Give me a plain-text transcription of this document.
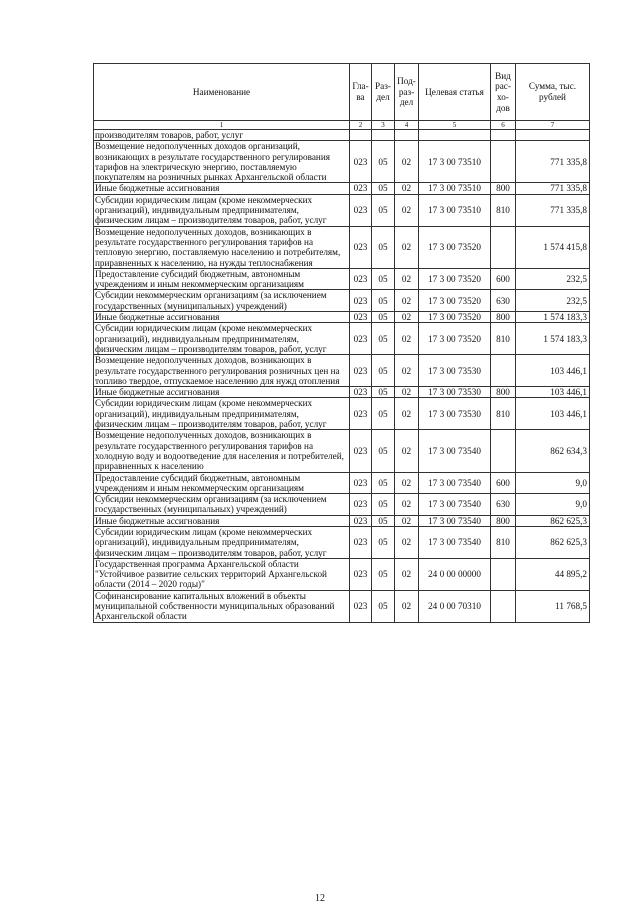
Наименование	Гла-ва	Раз-дел	Под-раз-дел	Целевая статья	Вид рас-хо-дов	Сумма, тыс. рублей
1	2	3	4	5	6	7
производителям товаров, работ, услуг						
Возмещение недополученных доходов организаций, возникающих в результате государственного регулирования тарифов на электрическую энергию, поставляемую покупателям на розничных рынках Архангельской области	023	05	02	17 3 00 73510		771 335,8
Иные бюджетные ассигнования	023	05	02	17 3 00 73510	800	771 335,8
Субсидии юридическим лицам (кроме некоммерческих организаций), индивидуальным предпринимателям, физическим лицам – производителям товаров, работ, услуг	023	05	02	17 3 00 73510	810	771 335,8
Возмещение недополученных доходов, возникающих в результате государственного регулирования тарифов на тепловую энергию, поставляемую населению и потребителям, приравненных к населению, на нужды теплоснабжения	023	05	02	17 3 00 73520		1 574 415,8
Предоставление субсидий бюджетным, автономным учреждениям и иным некоммерческим организациям	023	05	02	17 3 00 73520	600	232,5
Субсидии некоммерческим организациям (за исключением государственных (муниципальных) учреждений)	023	05	02	17 3 00 73520	630	232,5
Иные бюджетные ассигнования	023	05	02	17 3 00 73520	800	1 574 183,3
Субсидии юридическим лицам (кроме некоммерческих организаций), индивидуальным предпринимателям, физическим лицам – производителям товаров, работ, услуг	023	05	02	17 3 00 73520	810	1 574 183,3
Возмещение недополученных доходов, возникающих в результате государственного регулирования розничных цен на топливо твердое, отпускаемое населению для нужд отопления	023	05	02	17 3 00 73530		103 446,1
Иные бюджетные ассигнования	023	05	02	17 3 00 73530	800	103 446,1
Субсидии юридическим лицам (кроме некоммерческих организаций), индивидуальным предпринимателям, физическим лицам – производителям товаров, работ, услуг	023	05	02	17 3 00 73530	810	103 446,1
Возмещение недополученных доходов, возникающих в результате государственного регулирования тарифов на холодную воду и водоотведение для населения и потребителей, приравненных к населению	023	05	02	17 3 00 73540		862 634,3
Предоставление субсидий бюджетным, автономным учреждениям и иным некоммерческим организациям	023	05	02	17 3 00 73540	600	9,0
Субсидии некоммерческим организациям (за исключением государственных (муниципальных) учреждений)	023	05	02	17 3 00 73540	630	9,0
Иные бюджетные ассигнования	023	05	02	17 3 00 73540	800	862 625,3
Субсидии юридическим лицам (кроме некоммерческих организаций), индивидуальным предпринимателям, физическим лицам – производителям товаров, работ, услуг	023	05	02	17 3 00 73540	810	862 625,3
Государственная программа Архангельской области "Устойчивое развитие сельских территорий Архангельской области (2014 – 2020 годы)"	023	05	02	24 0 00 00000		44 895,2
Софинансирование капитальных вложений в объекты муниципальной собственности муниципальных образований Архангельской области	023	05	02	24 0 00 70310		11 768,5
12
